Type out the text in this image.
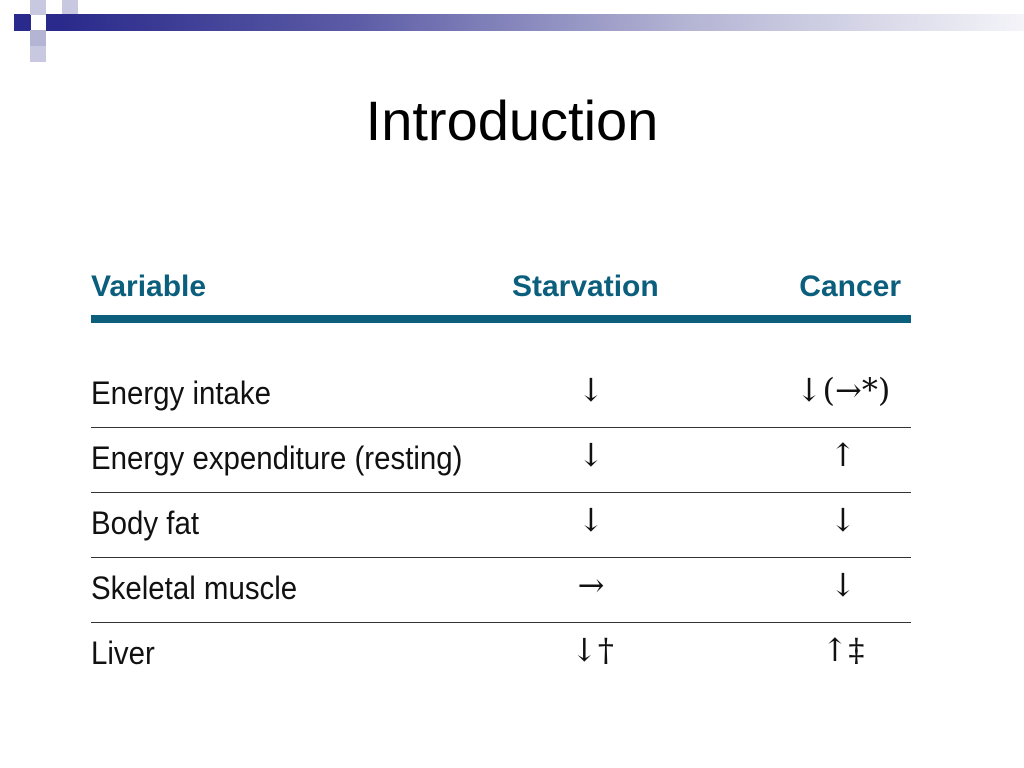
Introduction
Variable	Starvation	Cancer
Energy intake	↓	↓(→*)
Energy expenditure (resting)	↓	↑
Body fat	↓	↓
Skeletal muscle	→	↓
Liver	↓†	↑‡
